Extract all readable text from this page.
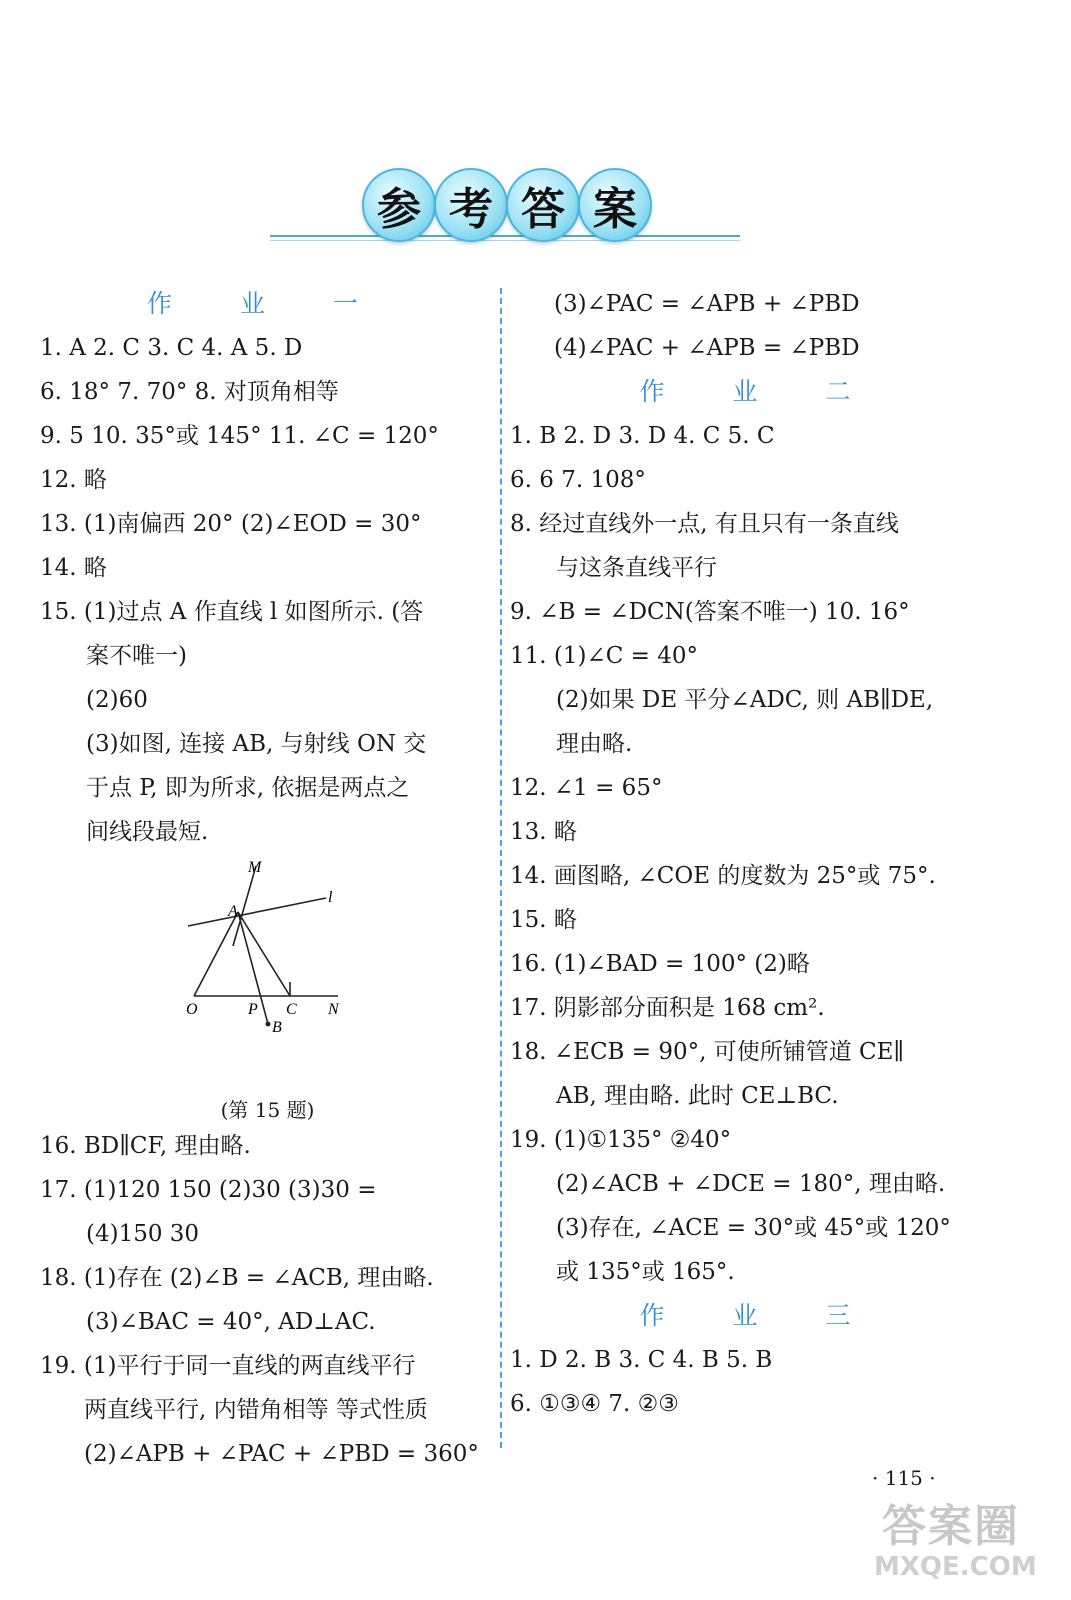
参 考 答 案
作 业 一
1. A 2. C 3. C 4. A 5. D
6. 18° 7. 70° 8. 对顶角相等
9. 5 10. 35°或 145° 11. ∠C = 120°
12. 略
13. (1)南偏西 20° (2)∠EOD = 30°
14. 略
15. (1)过点 A 作直线 l 如图所示. (答
案不唯一)
(2)60
(3)如图, 连接 AB, 与射线 ON 交
于点 P, 即为所求, 依据是两点之
间线段最短.
M
A
l
O	P C N
B
(第 15 题)
16. BD∥CF, 理由略.
17. (1)120 150 (2)30 (3)30 =
(4)150 30
18. (1)存在 (2)∠B = ∠ACB, 理由略.
(3)∠BAC = 40°, AD⊥AC.
19. (1)平行于同一直线的两直线平行
两直线平行, 内错角相等 等式性质
(2)∠APB + ∠PAC + ∠PBD = 360°
(3)∠PAC = ∠APB + ∠PBD
(4)∠PAC + ∠APB = ∠PBD
作 业 二
1. B 2. D 3. D 4. C 5. C
6. 6 7. 108°
8. 经过直线外一点, 有且只有一条直线
与这条直线平行
9. ∠B = ∠DCN(答案不唯一) 10. 16°
11. (1)∠C = 40°
(2)如果 DE 平分∠ADC, 则 AB∥DE,
理由略.
12. ∠1 = 65°
13. 略
14. 画图略, ∠COE 的度数为 25°或 75°.
15. 略
16. (1)∠BAD = 100° (2)略
17. 阴影部分面积是 168 cm².
18. ∠ECB = 90°, 可使所铺管道 CE∥
AB, 理由略. 此时 CE⊥BC.
19. (1)①135° ②40°
(2)∠ACB + ∠DCE = 180°, 理由略.
(3)存在, ∠ACE = 30°或 45°或 120°
或 135°或 165°.
作 业 三
1. D 2. B 3. C 4. B 5. B
6. ①③④ 7. ②③
· 115 ·
答案圈
MXQE.COM
